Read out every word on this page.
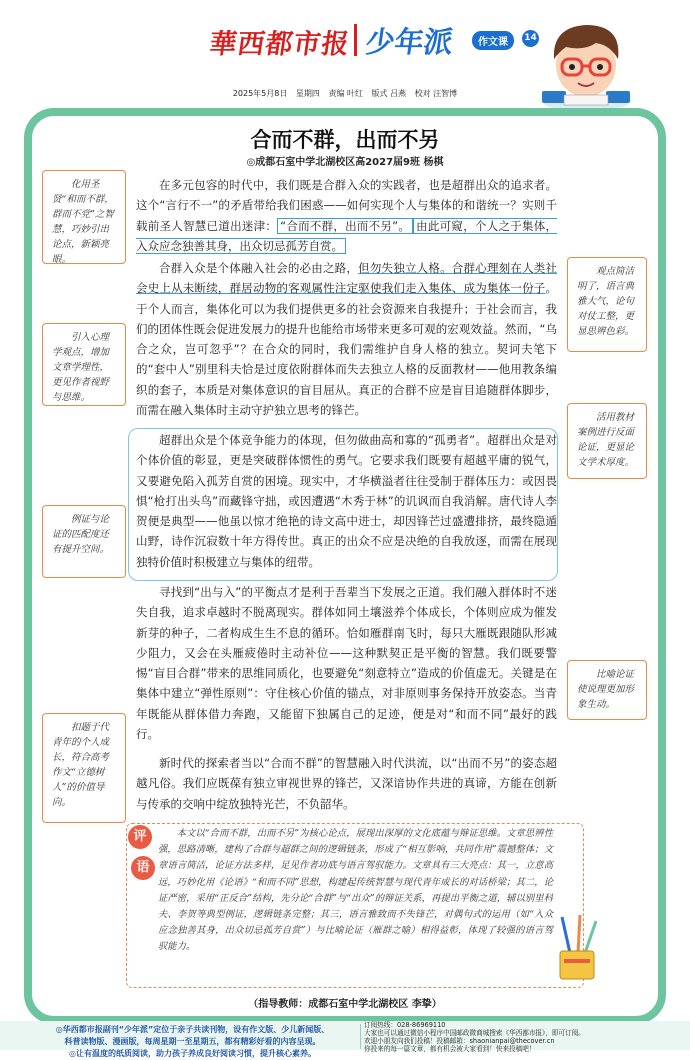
華西都市报 少年派	作文课	14
2025年5月8日 星期四 责编 叶红 版式 吕燕 校对 汪智博
合而不群，出而不另
◎成都石室中学北湖校区高2027届9班 杨棋

在多元包容的时代中，我们既是合群入众的实践者，也是超群出众的追求者。这个“言行不一”的矛盾带给我们困惑——如何实现个人与集体的和谐统一？实则千载前圣人智慧已道出迷津： “合而不群，出而不另”。 由此可窥，个人之于集体，入众应念独善其身，出众切忌孤芳自赏。

合群入众是个体融入社会的必由之路，但勿失独立人格。合群心理刻在人类社会史上从未断续，群居动物的客观属性注定驱使我们走入集体、成为集体一份子。于个人而言，集体化可以为我们提供更多的社会资源来自我提升；于社会而言，我们的团体性既会促进发展力的提升也能给市场带来更多可观的宏观效益。然而，“乌合之众，岂可忽乎”？在合众的同时，我们需维护自身人格的独立。契诃夫笔下的“套中人”别里科夫恰是过度依附群体而失去独立人格的反面教材——他用教条编织的套子，本质是对集体意识的盲目屈从。真正的合群不应是盲目追随群体脚步，而需在融入集体时主动守护独立思考的锋芒。

超群出众是个体竞争能力的体现，但勿做曲高和寡的“孤勇者”。超群出众是对个体价值的彰显，更是突破群体惯性的勇气。它要求我们既要有超越平庸的锐气，又要避免陷入孤芳自赏的困境。现实中，才华横溢者往往受制于群体压力：或因畏惧“枪打出头鸟”而藏锋守拙，或因遭遇“木秀于林”的讥讽而自我消解。唐代诗人李贺便是典型——他虽以惊才绝艳的诗文高中进士，却因锋芒过盛遭排挤，最终隐遁山野，诗作沉寂数十年方得传世。真正的出众不应是决绝的自我放逐，而需在展现独特价值时积极建立与集体的纽带。

寻找到“出与入”的平衡点才是利于吾辈当下发展之正道。我们融入群体时不迷失自我，追求卓越时不脱离现实。群体如同土壤滋养个体成长，个体则应成为催发新芽的种子，二者构成生生不息的循环。恰如雁群南飞时，每只大雁既跟随队形减少阻力，又会在头雁疲倦时主动补位——这种默契正是平衡的智慧。我们既要警惕“盲目合群”带来的思维同质化，也要避免“刻意特立”造成的价值虚无。关键是在集体中建立“弹性原则”：守住核心价值的锚点，对非原则事务保持开放姿态。当青年既能从群体借力奔跑，又能留下独属自己的足迹，便是对“和而不同”最好的践行。

新时代的探索者当以“合而不群”的智慧融入时代洪流，以“出而不另”的姿态超越凡俗。我们应既葆有独立审视世界的锋芒，又深谙协作共进的真谛，方能在创新与传承的交响中绽放独特光芒，不负韶华。

化用圣贤“和而不群，群而不党”之智慧，巧妙引出论点，新颖亮眼。
观点简洁明了，语言典雅大气，论句对仗工整，更显思辨色彩。
引入心理学观点，增加文章学理性，更见作者视野与思维。
活用教材案例进行反面论证，更显论文学术厚度。
例证与论证的匹配度还有提升空间。
比喻论证使说理更加形象生动。
扣题于代青年的个人成长，符合高考作文“立德树人”的价值导向。
评
语

本文以“合而不群，出而不另”为核心论点，展现出深厚的文化底蕴与辩证思维。文章思辨性强，思路清晰，建构了合群与超群之间的逻辑链条，形成了“相互影响，共同作用”震撼整体；文章语言简洁，论证方法多样，足见作者功底与语言驾驭能力。文章具有三大亮点：其一，立意高远，巧妙化用《论语》“和而不同”思想，构建起传统智慧与现代青年成长的对话桥梁；其二，论证严密，采用“正反合”结构，先分论“合群”与“出众”的辩证关系，再提出平衡之道，辅以别里科夫、李贺等典型例证，逻辑链条完整；其三，语言雅致而不失锋芒，对偶句式的运用（如“入众应念独善其身，出众切忌孤芳自赏”）与比喻论证（雁群之喻）相得益彰，体现了较强的语言驾驭能力。

（指导教师：成都石室中学北湖校区 李挚）
◎华西都市报副刊“少年派”定位于亲子共读刊物，设有作文版、少儿新闻版、
科普读物版、漫画版，每周星期一至星期五，都有精彩好看的内容呈现。
◎让有温度的纸质阅读，助力孩子养成良好阅读习惯，提升核心素养。
订阅热线：028-86969110
大家也可以通过微信小程序中国邮政微商城搜索《华西都市报》，即可订阅。
欢迎小朋友向我们投稿！投稿邮箱：shaonianpai@thecover.cn
你投来的每一篇文章，都有机会被大家看到！快来投稿吧！
